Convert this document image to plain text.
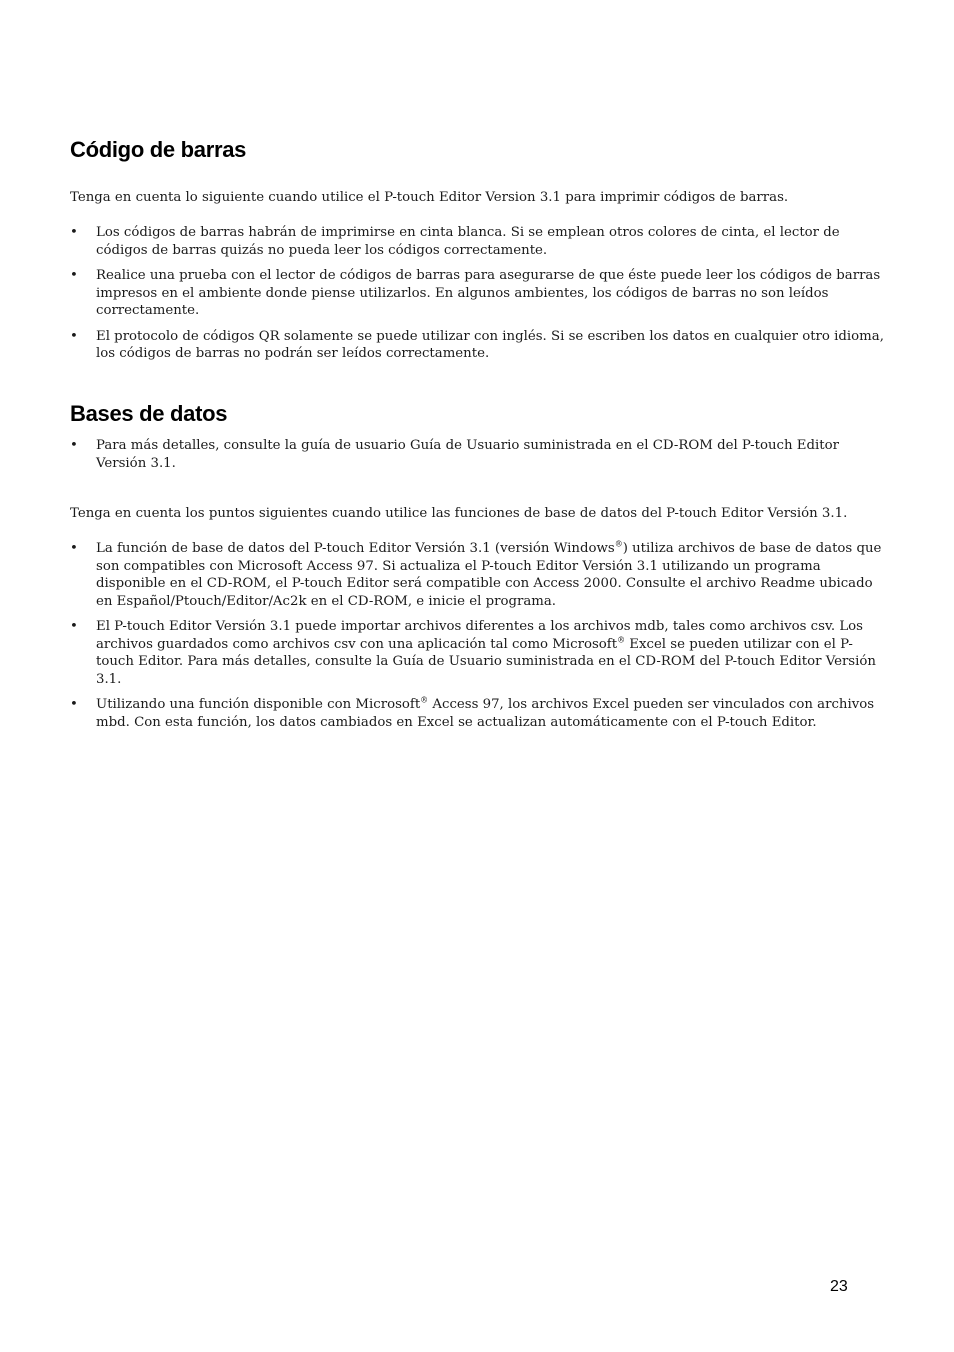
Código de barras

Tenga en cuenta lo siguiente cuando utilice el P-touch Editor Version 3.1 para imprimir códigos de barras.

• Los códigos de barras habrán de imprimirse en cinta blanca. Si se emplean otros colores de cinta, el lector de códigos de barras quizás no pueda leer los códigos correctamente.
• Realice una prueba con el lector de códigos de barras para asegurarse de que éste puede leer los códigos de barras impresos en el ambiente donde piense utilizarlos. En algunos ambientes, los códigos de barras no son leídos correctamente.
• El protocolo de códigos QR solamente se puede utilizar con inglés. Si se escriben los datos en cualquier otro idioma, los códigos de barras no podrán ser leídos correctamente.
Bases de datos
• Para más detalles, consulte la guía de usuario Guía de Usuario suministrada en el CD-ROM del P-touch Editor Versión 3.1.

Tenga en cuenta los puntos siguientes cuando utilice las funciones de base de datos del P-touch Editor Versión 3.1.

• La función de base de datos del P-touch Editor Versión 3.1 (versión Windows®) utiliza archivos de base de datos que son compatibles con Microsoft Access 97. Si actualiza el P-touch Editor Versión 3.1 utilizando un programa disponible en el CD-ROM, el P-touch Editor será compatible con Access 2000. Consulte el archivo Readme ubicado en Español/Ptouch/Editor/Ac2k en el CD-ROM, e inicie el programa.
• El P-touch Editor Versión 3.1 puede importar archivos diferentes a los archivos mdb, tales como archivos csv. Los archivos guardados como archivos csv con una aplicación tal como Microsoft® Excel se pueden utilizar con el P-touch Editor. Para más detalles, consulte la Guía de Usuario suministrada en el CD-ROM del P-touch Editor Versión 3.1.
• Utilizando una función disponible con Microsoft® Access 97, los archivos Excel pueden ser vinculados con archivos mbd. Con esta función, los datos cambiados en Excel se actualizan automáticamente con el P-touch Editor.
23
